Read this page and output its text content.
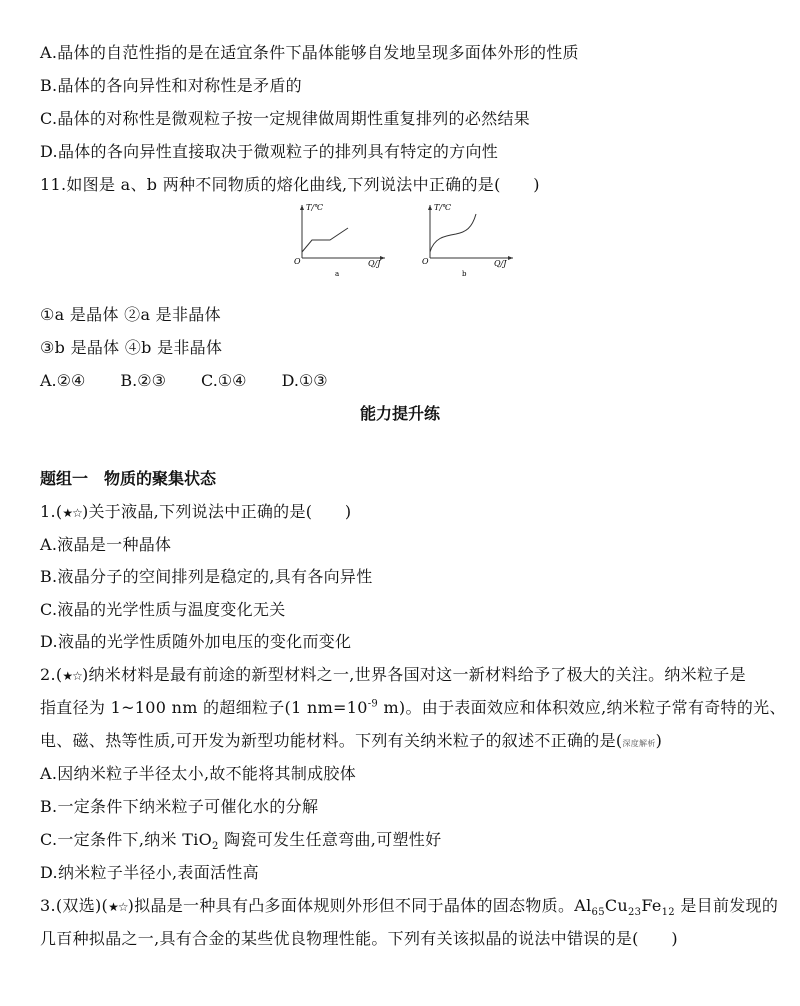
A.晶体的自范性指的是在适宜条件下晶体能够自发地呈现多面体外形的性质
B.晶体的各向异性和对称性是矛盾的
C.晶体的对称性是微观粒子按一定规律做周期性重复排列的必然结果
D.晶体的各向异性直接取决于微观粒子的排列具有特定的方向性
11.如图是 a、b 两种不同物质的熔化曲线,下列说法中正确的是(　　)
T/℃
Q/J
O
a
T/℃
Q/J
O
b
①a 是晶体 ②a 是非晶体
③b 是晶体 ④b 是非晶体
A.②④ B.②③ C.①④ D.①③
能力提升练
题组一　物质的聚集状态
1.(★☆)关于液晶,下列说法中正确的是(　　)
A.液晶是一种晶体
B.液晶分子的空间排列是稳定的,具有各向异性
C.液晶的光学性质与温度变化无关
D.液晶的光学性质随外加电压的变化而变化
2.(★☆)纳米材料是最有前途的新型材料之一,世界各国对这一新材料给予了极大的关注。纳米粒子是
指直径为 1~100 nm 的超细粒子(1 $nm=10^{-9}$ m)。由于表面效应和体积效应,纳米粒子常有奇特的光、
电、磁、热等性质,可开发为新型功能材料。下列有关纳米粒子的叙述不正确的是(深度解析)
A.因纳米粒子半径太小,故不能将其制成胶体
B.一定条件下纳米粒子可催化水的分解
C.一定条件下,纳米 TiO$_2$ 陶瓷可发生任意弯曲,可塑性好
D.纳米粒子半径小,表面活性高
3.(双选)(★☆)拟晶是一种具有凸多面体规则外形但不同于晶体的固态物质。$Al_{65}Cu_{23}Fe_{12}$ 是目前发现的
几百种拟晶之一,具有合金的某些优良物理性能。下列有关该拟晶的说法中错误的是(　　)
